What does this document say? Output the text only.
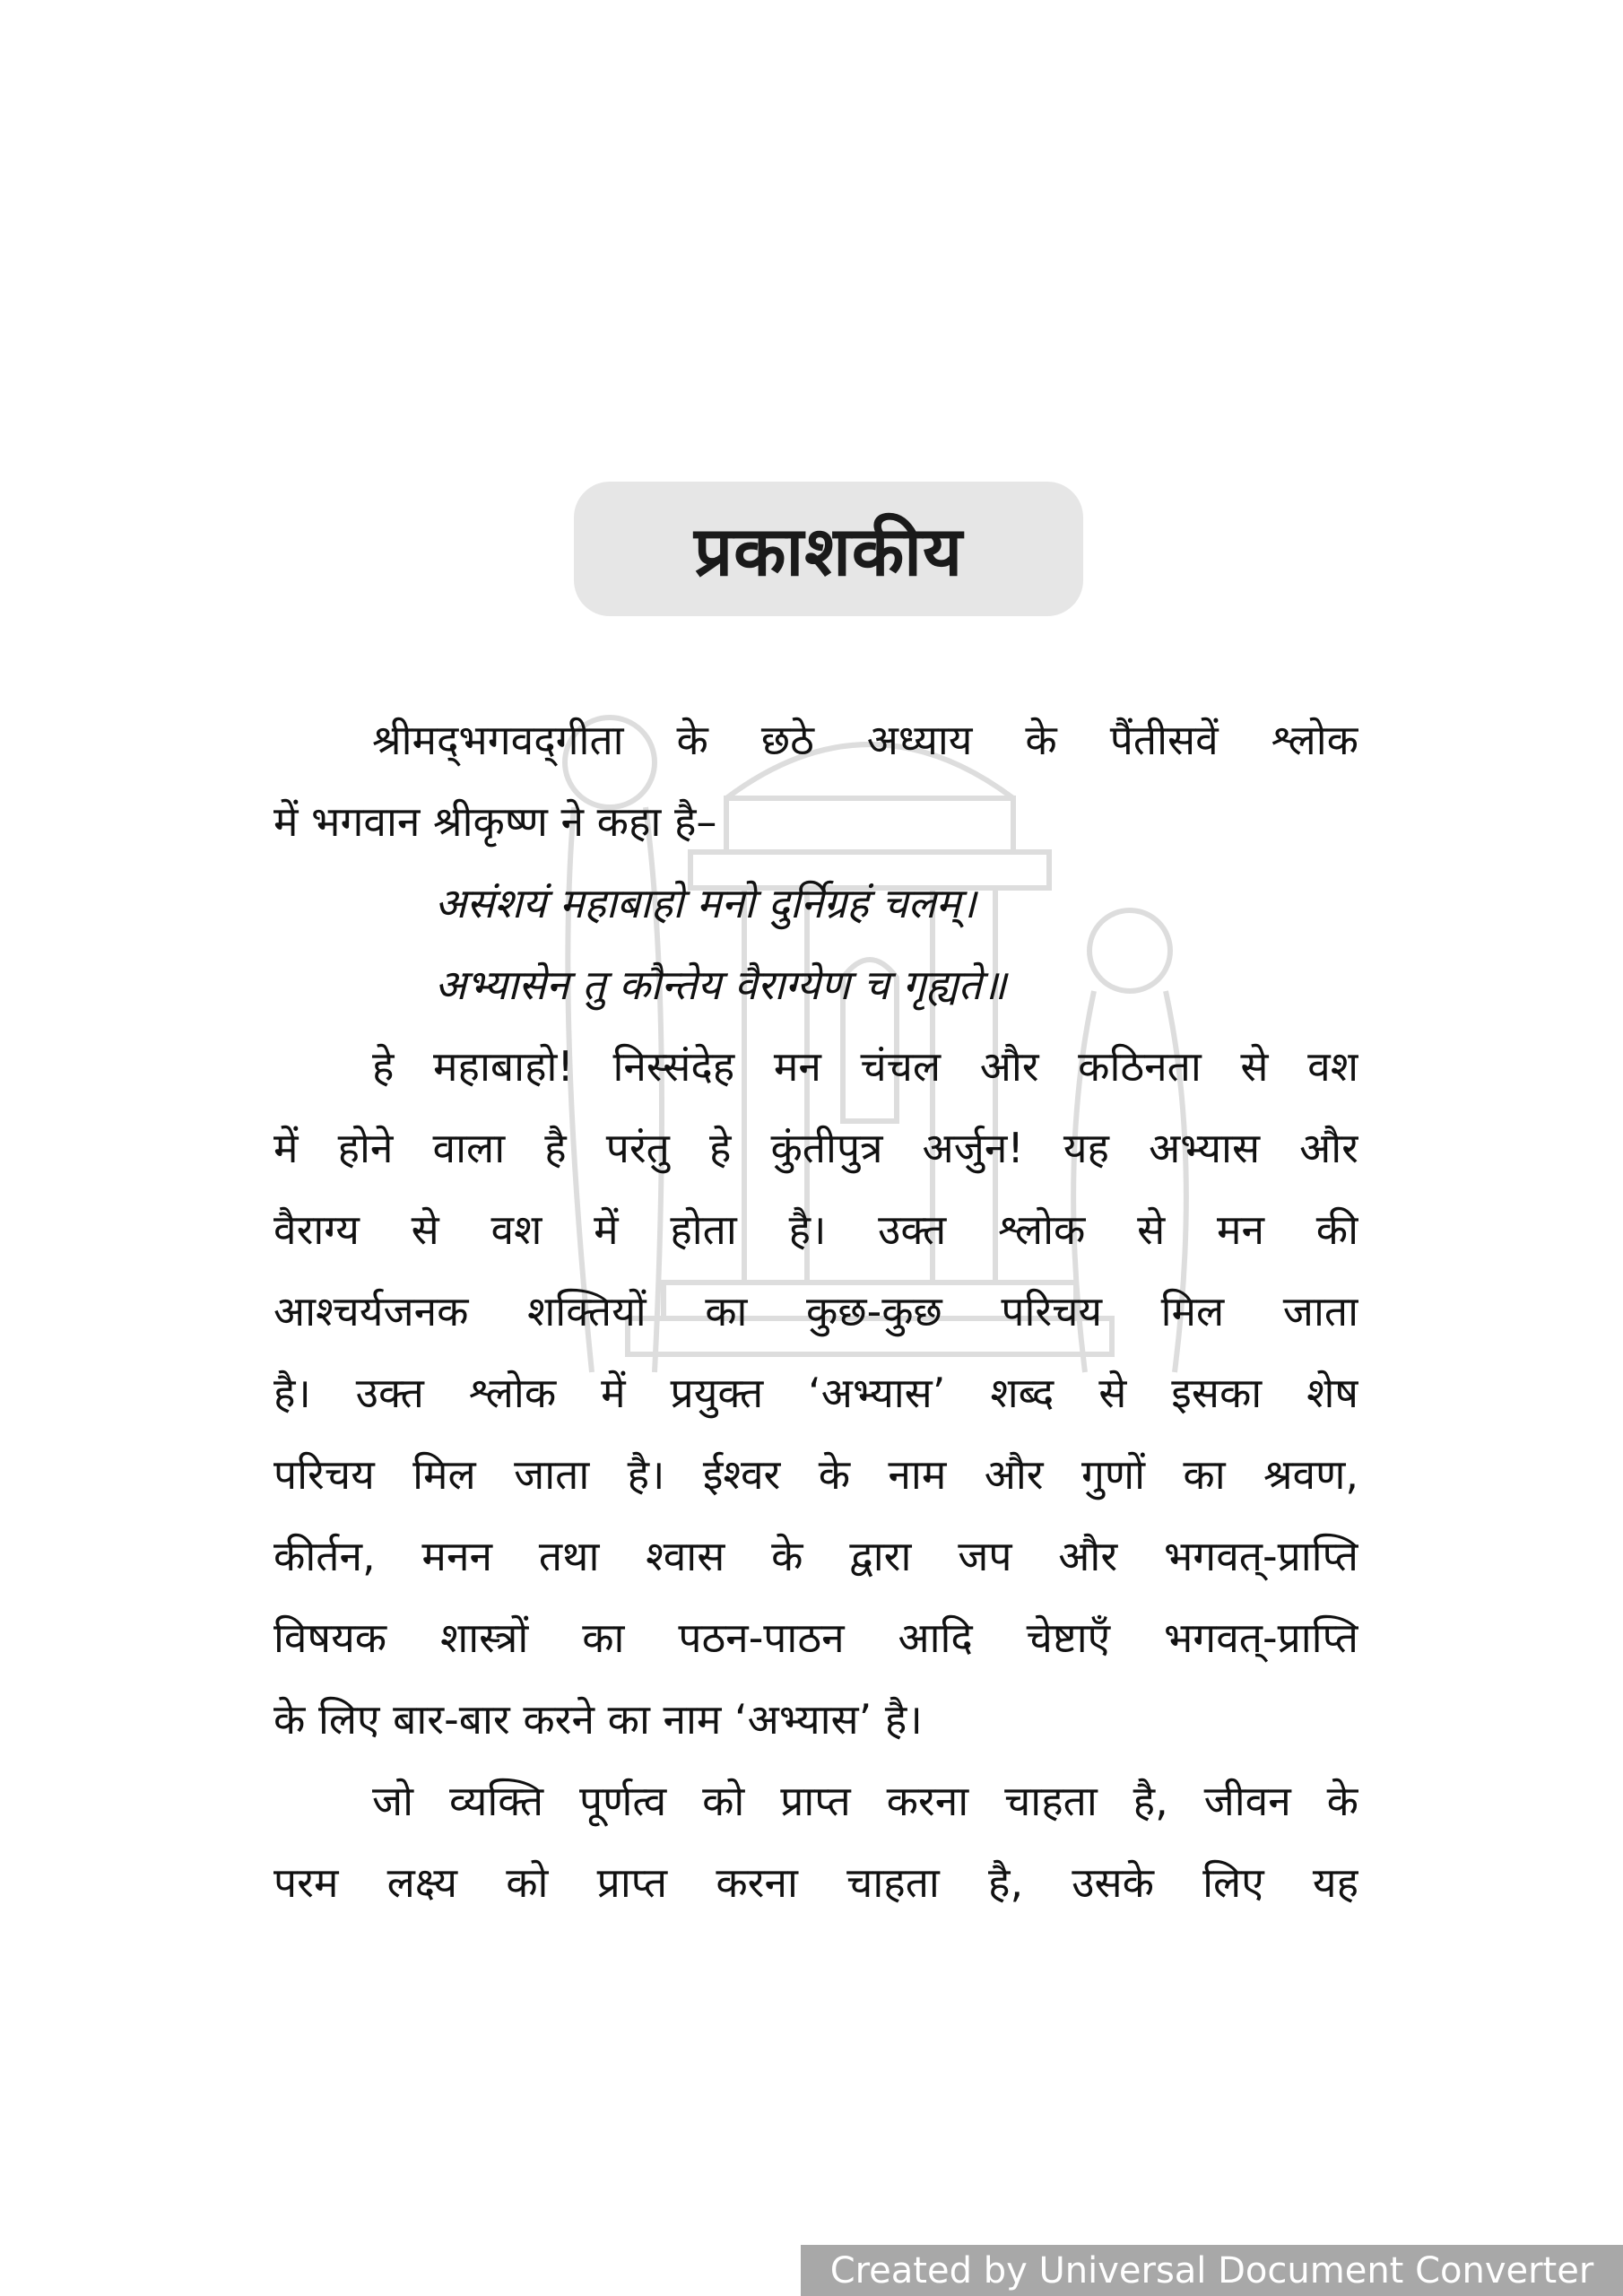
प्रकाशकीय
श्रीमद्‌भगवद्‌गीता के छठे अध्याय के पैंतीसवें श्लोक
में भगवान श्रीकृष्ण ने कहा है–
असंशयं महाबाहो मनो दुर्निग्रहं चलम्।
अभ्यासेन तु कौन्तेय वैराग्येण च गृह्यते॥
हे महाबाहो! निस्संदेह मन चंचल और कठिनता से वश
में होने वाला है परंतु हे कुंतीपुत्र अर्जुन! यह अभ्यास और
वैराग्य से वश में होता है। उक्त श्लोक से मन की
आश्चर्यजनक शक्तियों का कुछ-कुछ परिचय मिल जाता
है। उक्त श्लोक में प्रयुक्त ‘अभ्यास’ शब्द से इसका शेष
परिचय मिल जाता है। ईश्वर के नाम और गुणों का श्रवण,
कीर्तन, मनन तथा श्वास के द्वारा जप और भगवत्-प्राप्ति
विषयक शास्त्रों का पठन-पाठन आदि चेष्टाएँ भगवत्-प्राप्ति
के लिए बार-बार करने का नाम ‘अभ्यास’ है।
जो व्यक्ति पूर्णत्व को प्राप्त करना चाहता है, जीवन के
परम लक्ष्य को प्राप्त करना चाहता है, उसके लिए यह
Created by Universal Document Converter
